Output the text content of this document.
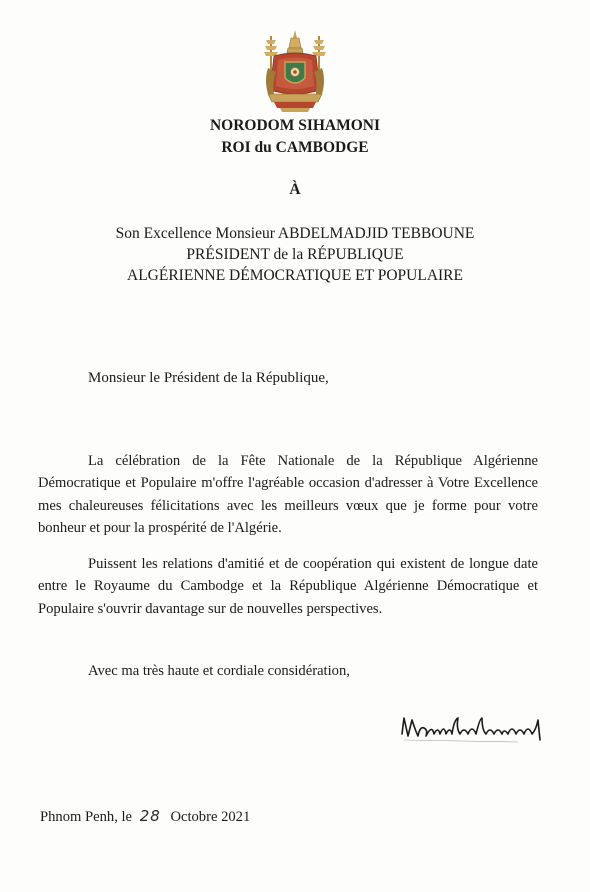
NORODOM SIHAMONI
ROI du CAMBODGE
À
Son Excellence Monsieur ABDELMADJID TEBBOUNE
PRÉSIDENT de la RÉPUBLIQUE
ALGÉRIENNE DÉMOCRATIQUE ET POPULAIRE
Monsieur le Président de la République,

La célébration de la Fête Nationale de la République Algérienne Démocratique et Populaire m'offre l'agréable occasion d'adresser à Votre Excellence mes chaleureuses félicitations avec les meilleurs vœux que je forme pour votre bonheur et pour la prospérité de l'Algérie.

Puissent les relations d'amitié et de coopération qui existent de longue date entre le Royaume du Cambodge et la République Algérienne Démocratique et Populaire s'ouvrir davantage sur de nouvelles perspectives.

Avec ma très haute et cordiale considération,
Phnom Penh, le 28 Octobre 2021
